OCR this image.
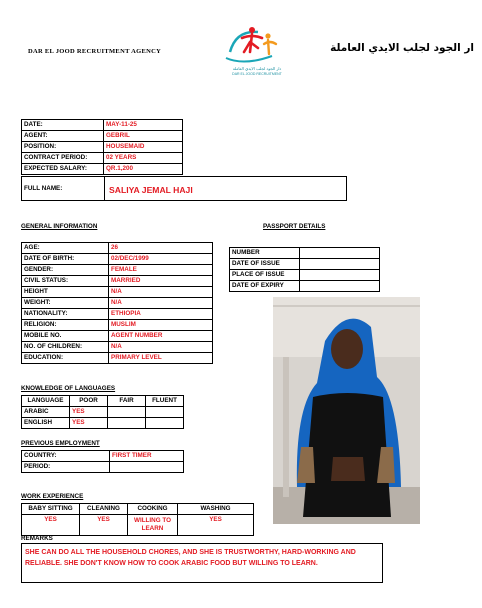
DAR EL JOOD RECRUITMENT AGENCY
دار الجود لجلب الايدي العاملة
DAR EL JOOD RECRUITMENT
ار الجود لجلب الايدي العاملة
DATE:	MAY-11-25
AGENT:	GEBRIL
POSITION:	HOUSEMAID
CONTRACT PERIOD:	02 YEARS
EXPECTED SALARY:	QR.1,200
FULL NAME:	SALIYA JEMAL HAJI
GENERAL INFORMATION
AGE:	26
DATE OF BIRTH:	02/DEC/1999
GENDER:	FEMALE
CIVIL STATUS:	MARRIED
HEIGHT	N/A
WEIGHT:	N/A
NATIONALITY:	ETHIOPIA
RELIGION:	MUSLIM
MOBILE NO.	AGENT NUMBER
NO. OF CHILDREN:	N/A
EDUCATION:	PRIMARY LEVEL
PASSPORT DETAILS
NUMBER	
DATE OF ISSUE	
PLACE OF ISSUE	
DATE OF EXPIRY	
KNOWLEDGE OF LANGUAGES
LANGUAGE	POOR	FAIR	FLUENT
ARABIC	YES		
ENGLISH	YES		
PREVIOUS EMPLOYMENT
COUNTRY:	FIRST TIMER
PERIOD:	
WORK EXPERIENCE
BABY SITTING	CLEANING	COOKING	WASHING
YES	YES	WILLING TO LEARN	YES
REMARKS
SHE CAN DO ALL THE HOUSEHOLD CHORES, AND SHE IS TRUSTWORTHY, HARD-WORKING AND RELIABLE. SHE DON'T KNOW HOW TO COOK ARABIC FOOD BUT WILLING TO LEARN.
